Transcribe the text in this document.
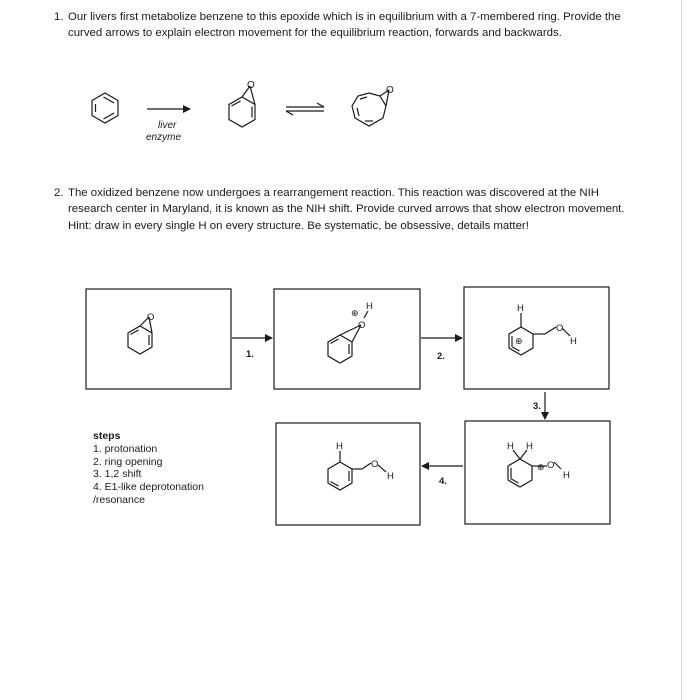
1. Our livers first metabolize benzene to this epoxide which is in equilibrium with a 7-membered ring. Provide the curved arrows to explain electron movement for the equilibrium reaction, forwards and backwards.
2. The oxidized benzene now undergoes a rearrangement reaction. This reaction was discovered at the NIH research center in Maryland, it is known as the NIH shift. Provide curved arrows that show electron movement. Hint: draw in every single H on every structure. Be systematic, be obsessive, details matter!
liver
enzyme
O	O
O	⊕
O
H	H
⊕
O
H
H H
⊕ O
H
H
O
H
1.	2.
3.
4.
steps
1. protonation
2. ring opening
3. 1,2 shift
4. E1-like deprotonation
/resonance
